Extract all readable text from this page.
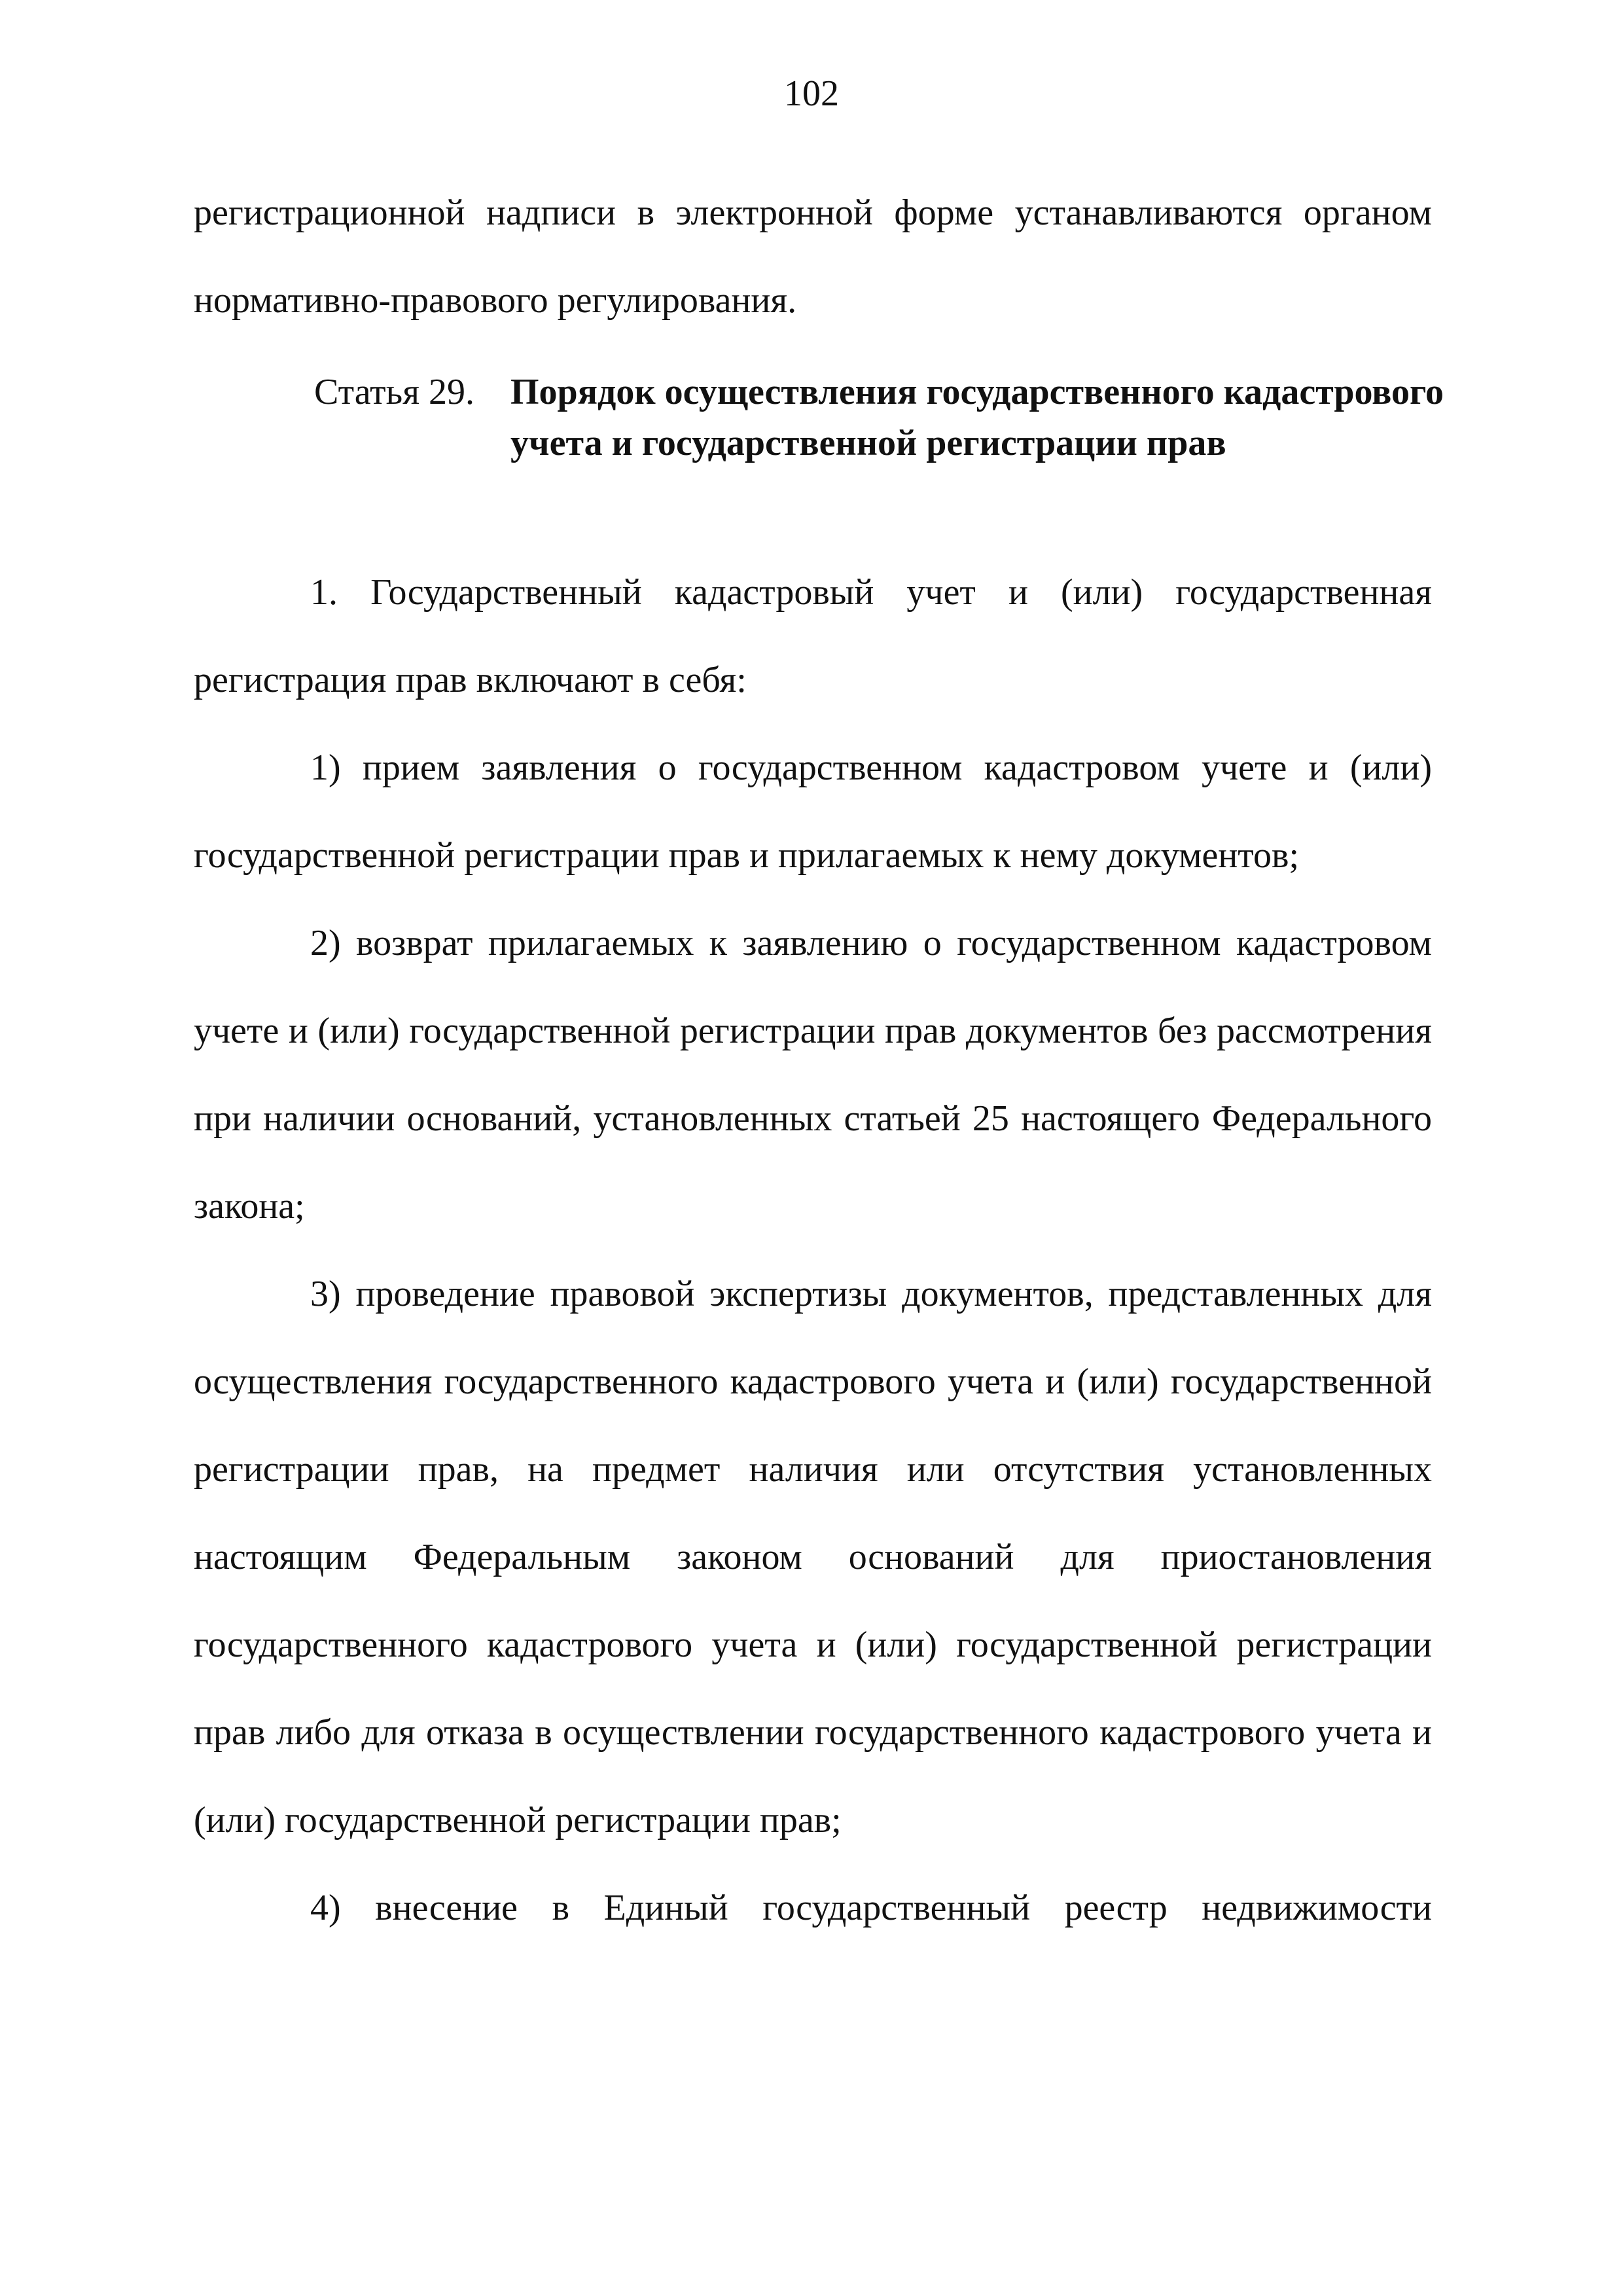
102

регистрационной надписи в электронной форме устанавливаются органом нормативно-правового регулирования.

Статья 29. Порядок осуществления государственного кадастрового учета и государственной регистрации прав

1. Государственный кадастровый учет и (или) государственная регистрация прав включают в себя:

1) прием заявления о государственном кадастровом учете и (или) государственной регистрации прав и прилагаемых к нему документов;

2) возврат прилагаемых к заявлению о государственном кадастровом учете и (или) государственной регистрации прав документов без рассмотрения при наличии оснований, установленных статьей 25 настоящего Федерального закона;

3) проведение правовой экспертизы документов, представленных для осуществления государственного кадастрового учета и (или) государственной регистрации прав, на предмет наличия или отсутствия установленных настоящим Федеральным законом оснований для приостановления государственного кадастрового учета и (или) государственной регистрации прав либо для отказа в осуществлении государственного кадастрового учета и (или) государственной регистрации прав;

4) внесение в Единый государственный реестр недвижимости
